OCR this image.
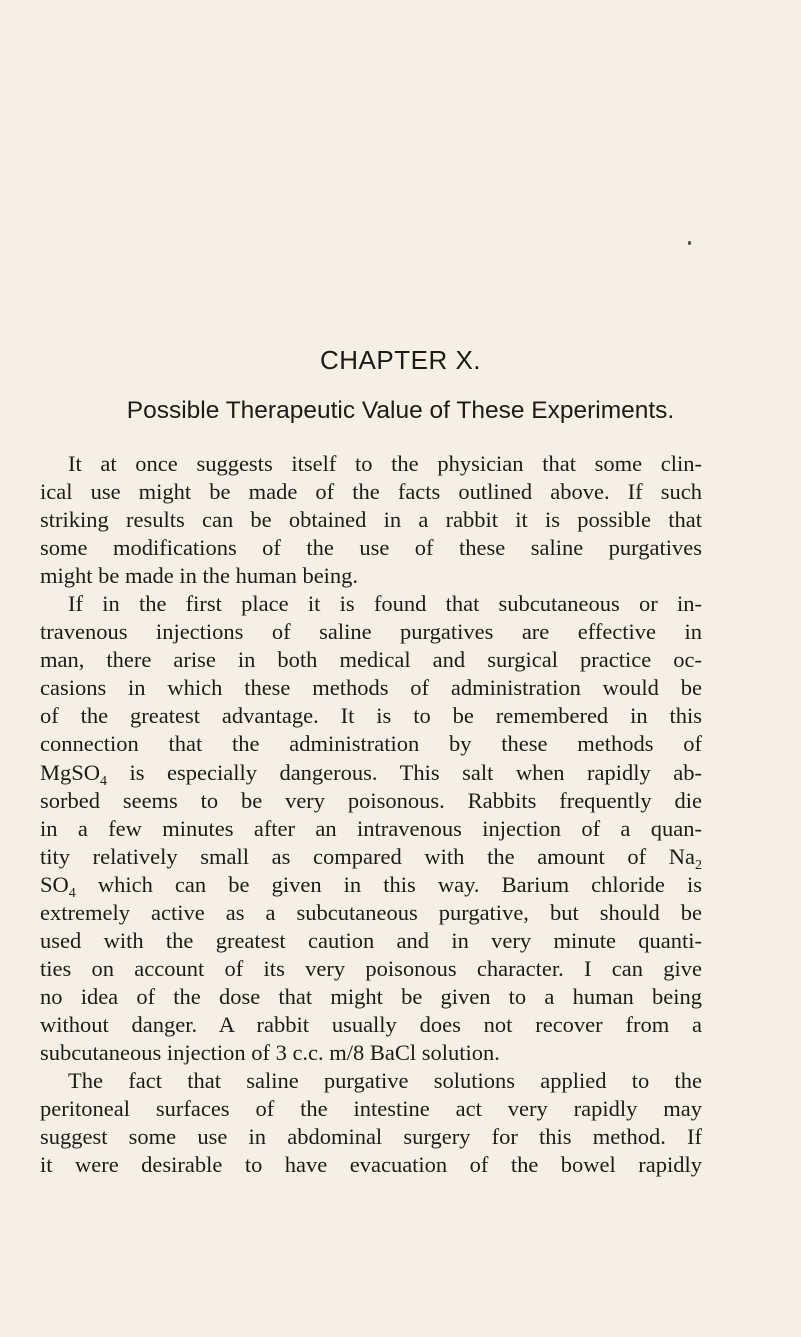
CHAPTER X.
Possible Therapeutic Value of These Experiments.
It at once suggests itself to the physician that some clin-
ical use might be made of the facts outlined above. If such
striking results can be obtained in a rabbit it is possible that
some modifications of the use of these saline purgatives
might be made in the human being.
If in the first place it is found that subcutaneous or in-
travenous injections of saline purgatives are effective in
man, there arise in both medical and surgical practice oc-
casions in which these methods of administration would be
of the greatest advantage. It is to be remembered in this
connection that the administration by these methods of
MgSO$_4$ is especially dangerous. This salt when rapidly ab-
sorbed seems to be very poisonous. Rabbits frequently die
in a few minutes after an intravenous injection of a quan-
tity relatively small as compared with the amount of $Na_2$
$SO_4$ which can be given in this way. Barium chloride is
extremely active as a subcutaneous purgative, but should be
used with the greatest caution and in very minute quanti-
ties on account of its very poisonous character. I can give
no idea of the dose that might be given to a human being
without danger. A rabbit usually does not recover from a
subcutaneous injection of 3 c.c. m/8 BaCl solution.
The fact that saline purgative solutions applied to the
peritoneal surfaces of the intestine act very rapidly may
suggest some use in abdominal surgery for this method. If
it were desirable to have evacuation of the bowel rapidly
